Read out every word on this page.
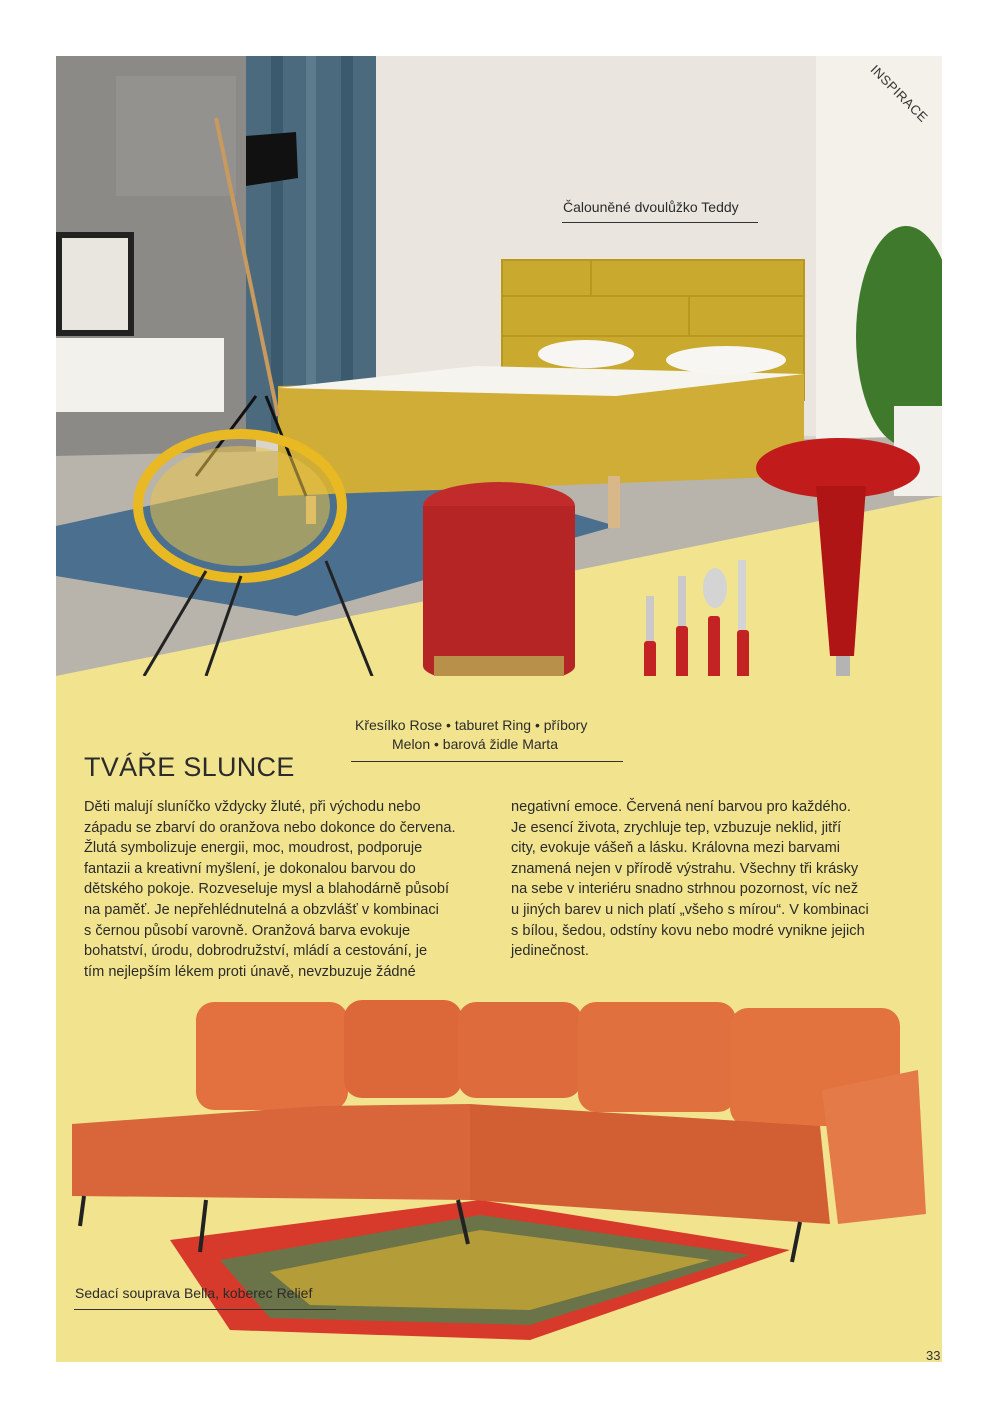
INSPIRACE
Čalouněné dvoulůžko Teddy
Křesílko Rose • taburet Ring • příbory
Melon • barová židle Marta
TVÁŘE SLUNCE
Děti malují sluníčko vždycky žluté, při východu nebo
západu se zbarví do oranžova nebo dokonce do červena.
Žlutá symbolizuje energii, moc, moudrost, podporuje
fantazii a kreativní myšlení, je dokonalou barvou do
dětského pokoje. Rozveseluje mysl a blahodárně působí
na paměť. Je nepřehlédnutelná a obzvlášť v kombinaci
s černou působí varovně. Oranžová barva evokuje
bohatství, úrodu, dobrodružství, mládí a cestování, je
tím nejlepším lékem proti únavě, nevzbuzuje žádné
negativní emoce. Červená není barvou pro každého.
Je esencí života, zrychluje tep, vzbuzuje neklid, jitří
city, evokuje vášeň a lásku. Královna mezi barvami
znamená nejen v přírodě výstrahu. Všechny tři krásky
na sebe v interiéru snadno strhnou pozornost, víc než
u jiných barev u nich platí „všeho s mírou“. V kombinaci
s bílou, šedou, odstíny kovu nebo modré vynikne jejich
jedinečnost.
Sedací souprava Bella, koberec Relief
33
